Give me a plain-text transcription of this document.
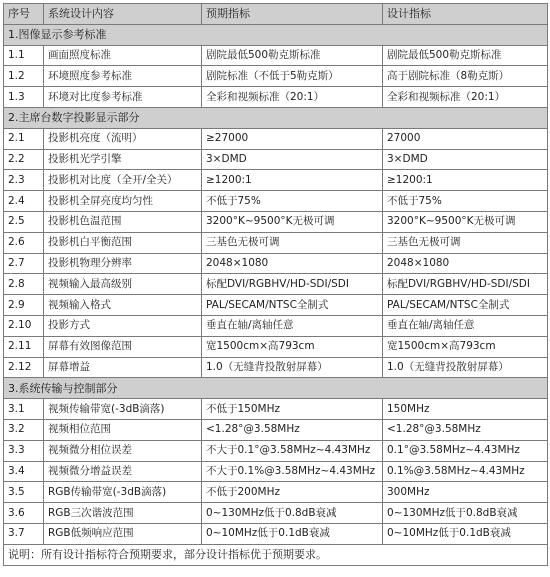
序号	系统设计内容	预期指标	设计指标
1.图像显示参考标准			
1.1	画面照度标准	剧院最低500勒克斯标准	剧院最低500勒克斯标准
1.2	环境照度参考标准	剧院标准（不低于5勒克斯）	高于剧院标准（8勒克斯）
1.3	环境对比度参考标准	全彩和视频标准（20:1）	全彩和视频标准（20:1）
2.主席台数字投影显示部分			
2.1	投影机亮度（流明）	≥27000	27000
2.2	投影机光学引擎	3×DMD	3×DMD
2.3	投影机对比度（全开/全关）	≥1200:1	≥1200:1
2.4	投影机全屏亮度均匀性	不低于75%	不低于75%
2.5	投影机色温范围	3200°K~9500°K无极可调	3200°K~9500°K无极可调
2.6	投影机白平衡范围	三基色无极可调	三基色无极可调
2.7	投影机物理分辨率	2048×1080	2048×1080
2.8	视频输入最高级别	标配DVI/RGBHV/HD-SDI/SDI	标配DVI/RGBHV/HD-SDI/SDI
2.9	视频输入格式	PAL/SECAM/NTSC全制式	PAL/SECAM/NTSC全制式
2.10	投影方式	垂直在轴/离轴任意	垂直在轴/离轴任意
2.11	屏幕有效图像范围	宽1500cm×高793cm	宽1500cm×高793cm
2.12	屏幕增益	1.0（无缝背投散射屏幕）	1.0（无缝背投散射屏幕）
3.系统传输与控制部分			
3.1	视频传输带宽(-3dB滴落)	不低于150MHz	150MHz
3.2	视频相位范围	<1.28°@3.58MHz	<1.28°@3.58MHz
3.3	视频微分相位误差	不大于0.1°@3.58MHz~4.43MHz	0.1°@3.58MHz~4.43MHz
3.4	视频微分增益误差	不大于0.1%@3.58MHz~4.43MHz	0.1%@3.58MHz~4.43MHz
3.5	RGB传输带宽(-3dB滴落)	不低于200MHz	300MHz
3.6	RGB三次谐波范围	0~130MHz低于0.8dB衰减	0~130MHz低于0.8dB衰减
3.7	RGB低频响应范围	0~10MHz低于0.1dB衰减	0~10MHz低于0.1dB衰减
说明：所有设计指标符合预期要求，部分设计指标优于预期要求。			
